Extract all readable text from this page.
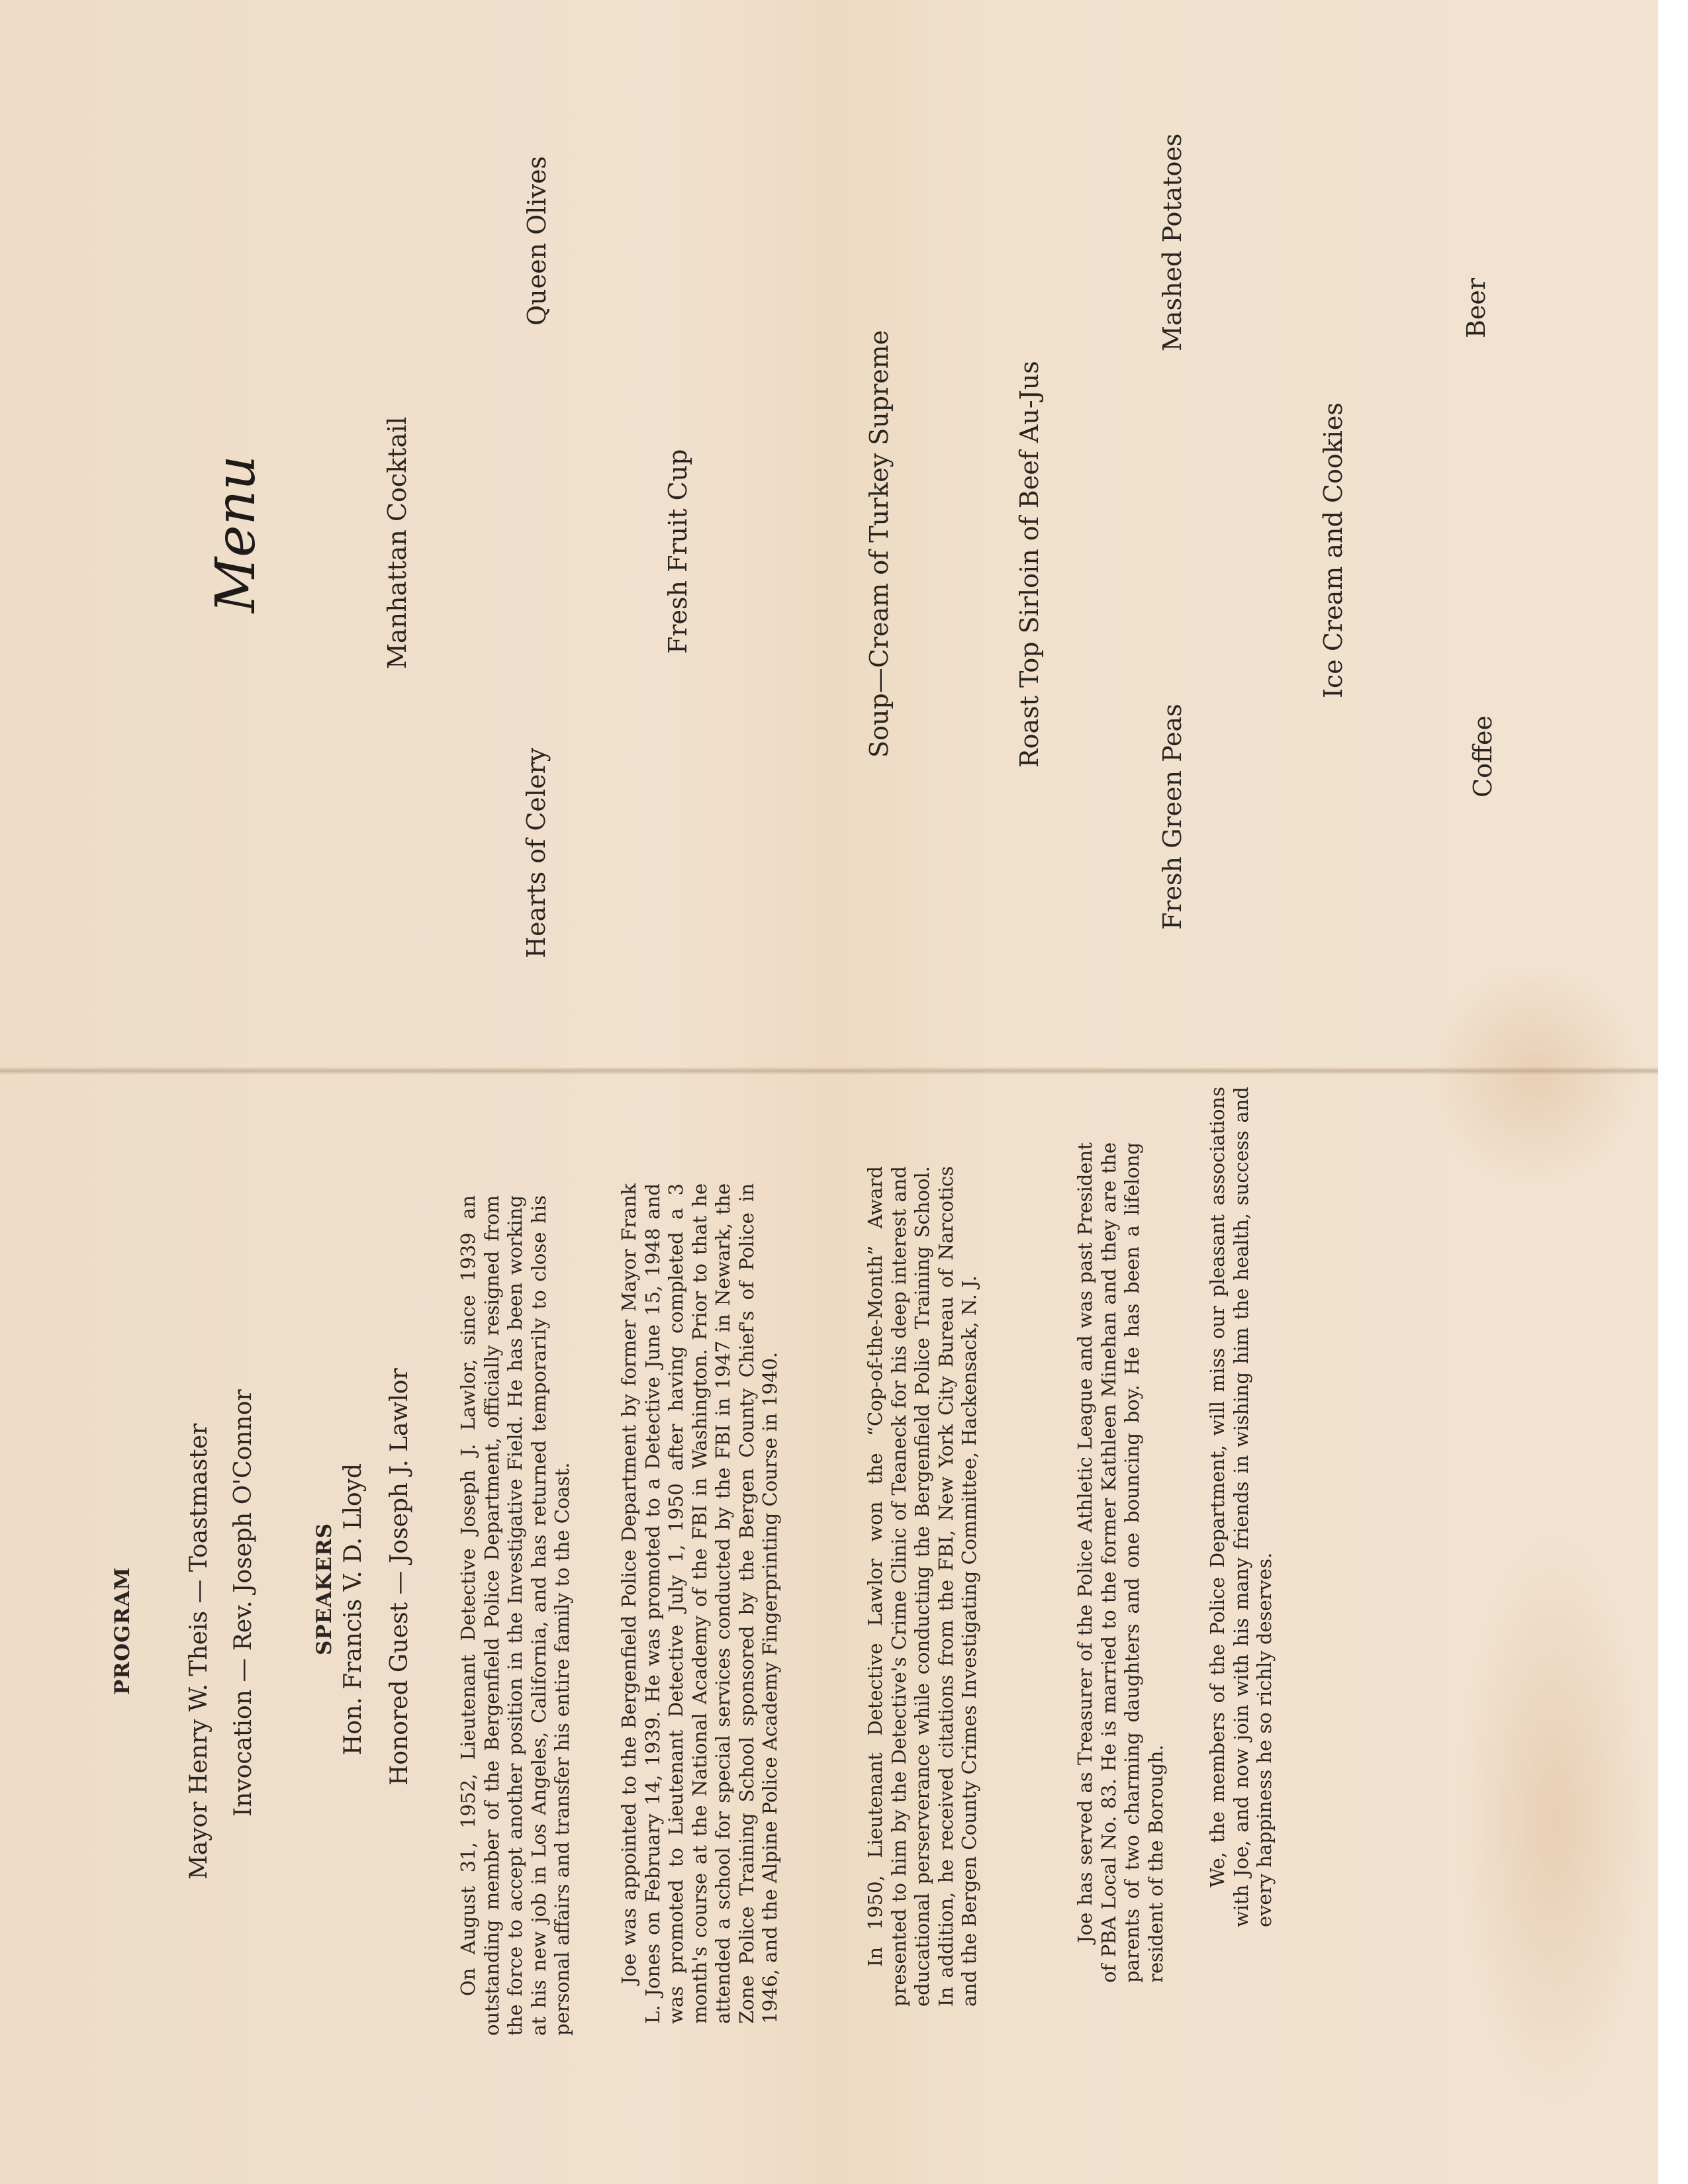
Menu
Queen Olives
Manhattan Cocktail
Hearts of Celery
Fresh Fruit Cup	Soup—Cream of Turkey Supreme	Roast Top Sirloin of Beef Au-Jus
Mashed Potatoes
Fresh Green Peas
Ice Cream and Cookies
Beer
Coffee
PROGRAM Mayor Henry W. Theis — Toastmaster Invocation — Rev. Joseph O'Connor	SPEAKERS Hon. Francis V. D. Lloyd Honored Guest — Joseph J. Lawlor On August 31, 1952, Lieutenant Detective Joseph J. Lawlor, since 1939 an outstanding member of the Bergenfield Police Department, officially resigned from the force to accept another position in the Investigative Field. He has been working at his new job in Los Angeles, California, and has returned temporarily to close his personal affairs and transfer his entire family to the Coast.	Joe was appointed to the Bergenfield Police Department by former Mayor Frank L. Jones on February 14, 1939. He was promoted to a Detective June 15, 1948 and was promoted to Lieutenant Detective July 1, 1950 after having completed a 3 month's course at the National Academy of the FBI in Washington. Prior to that he attended a school for special services conducted by the FBI in 1947 in Newark, the Zone Police Training School sponsored by the Bergen County Chief's of Police in 1946, and the Alpine Police Academy Fingerprinting Course in 1940.	In 1950, Lieutenant Detective Lawlor won the “Cop-of-the-Month” Award presented to him by the Detective's Crime Clinic of Teaneck for his deep interest and educational perserverance while conducting the Bergenfield Police Training School. In addition, he received citations from the FBI, New York City Bureau of Narcotics and the Bergen County Crimes Investigating Committee, Hackensack, N. J.	Joe has served as Treasurer of the Police Athletic League and was past President of PBA Local No. 83. He is married to the former Kathleen Minehan and they are the parents of two charming daughters and one bouncing boy. He has been a lifelong resident of the Borough.	We, the members of the Police Department, will miss our pleasant associations with Joe, and now join with his many friends in wishing him the health, success and every happiness he so richly deserves.
